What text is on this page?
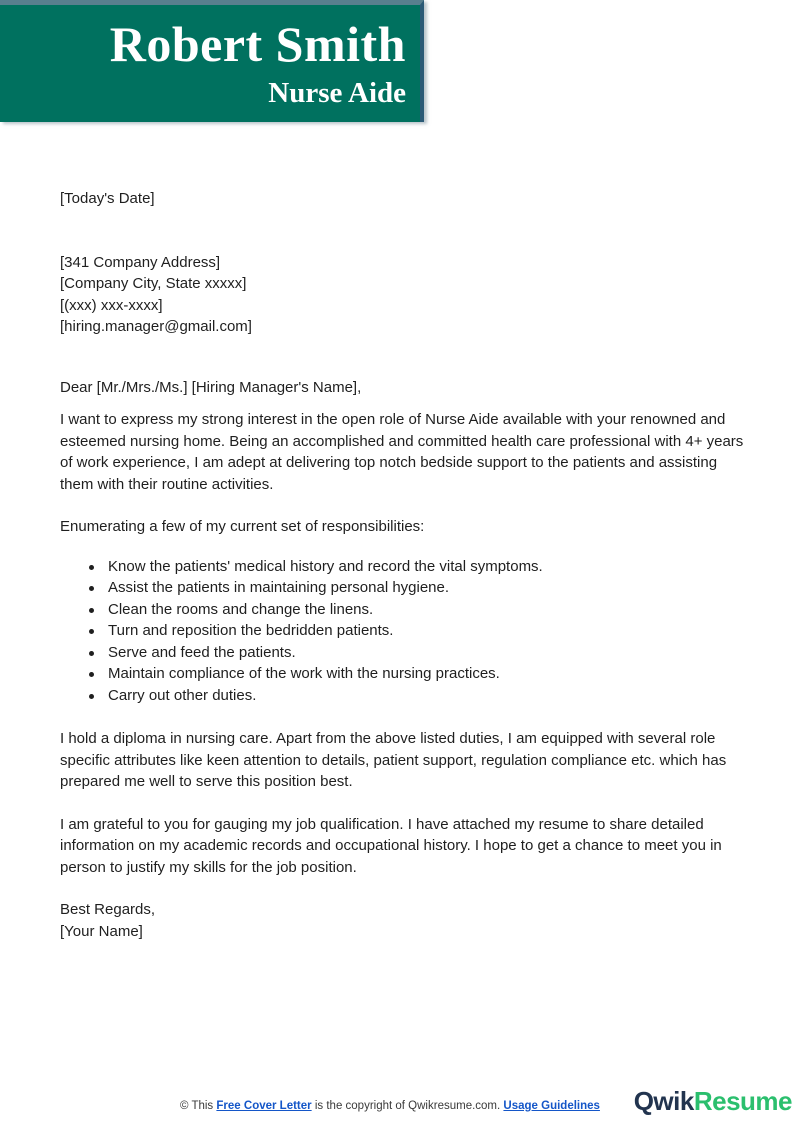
Robert Smith
Nurse Aide
[Today's Date]
[341 Company Address]
[Company City, State xxxxx]
[(xxx) xxx-xxxx]
[hiring.manager@gmail.com]
Dear [Mr./Mrs./Ms.] [Hiring Manager's Name],

I want to express my strong interest in the open role of Nurse Aide available with your renowned and esteemed nursing home. Being an accomplished and committed health care professional with 4+ years of work experience, I am adept at delivering top notch bedside support to the patients and assisting them with their routine activities.

Enumerating a few of my current set of responsibilities:
Know the patients' medical history and record the vital symptoms.
Assist the patients in maintaining personal hygiene.
Clean the rooms and change the linens.
Turn and reposition the bedridden patients.
Serve and feed the patients.
Maintain compliance of the work with the nursing practices.
Carry out other duties.

I hold a diploma in nursing care. Apart from the above listed duties, I am equipped with several role specific attributes like keen attention to details, patient support, regulation compliance etc. which has prepared me well to serve this position best.

I am grateful to you for gauging my job qualification. I have attached my resume to share detailed information on my academic records and occupational history. I hope to get a chance to meet you in person to justify my skills for the job position.

Best Regards,
[Your Name]
© This Free Cover Letter is the copyright of Qwikresume.com. Usage Guidelines QwikResume
